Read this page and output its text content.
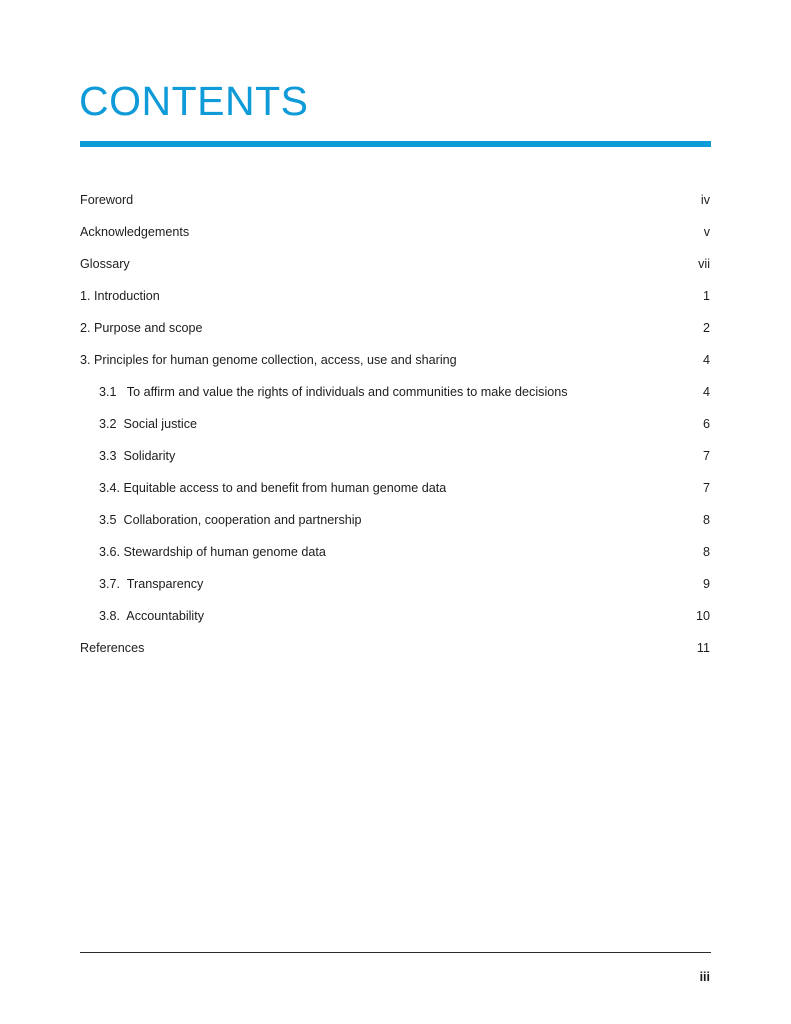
CONTENTS
Foreword	iv
Acknowledgements	v
Glossary	vii
1. Introduction	1
2. Purpose and scope	2
3. Principles for human genome collection, access, use and sharing	4
3.1   To affirm and value the rights of individuals and communities to make decisions	4
3.2  Social justice	6
3.3  Solidarity	7
3.4. Equitable access to and benefit from human genome data	7
3.5  Collaboration, cooperation and partnership	8
3.6. Stewardship of human genome data	8
3.7.  Transparency	9
3.8.  Accountability	10
References	11
iii
